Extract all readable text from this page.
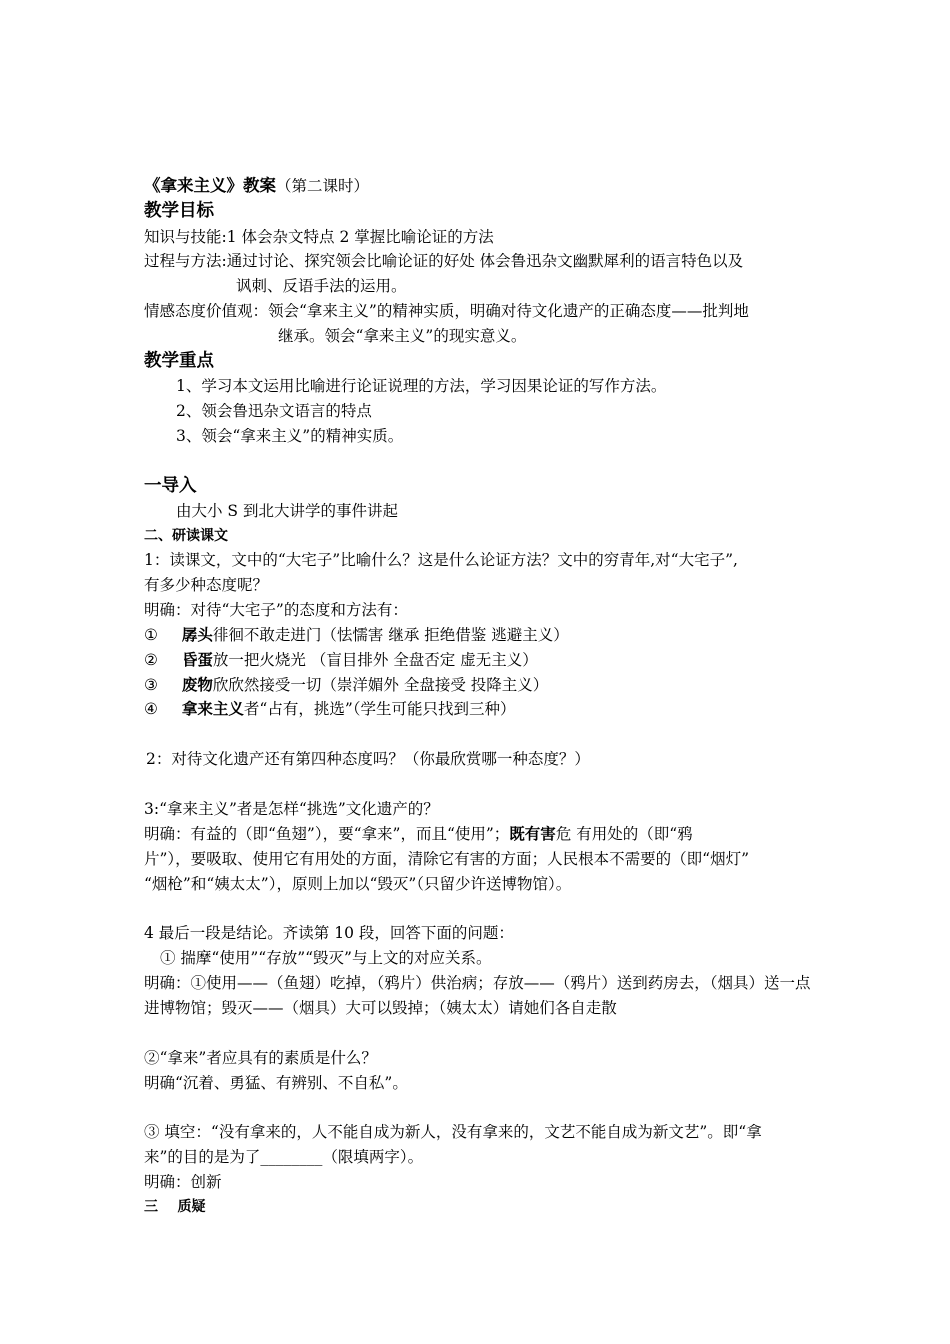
《拿来主义》教案（第二课时）
教学目标
知识与技能:1 体会杂文特点 2 掌握比喻论证的方法
过程与方法:通过讨论、探究领会比喻论证的好处 体会鲁迅杂文幽默犀利的语言特色以及
讽刺、反语手法的运用。
情感态度价值观：领会“拿来主义”的精神实质，明确对待文化遗产的正确态度——批判地
继承。领会“拿来主义”的现实意义。
教学重点
1、学习本文运用比喻进行论证说理的方法，学习因果论证的写作方法。
2、领会鲁迅杂文语言的特点
3、领会“拿来主义”的精神实质。
一导入
由大小 S 到北大讲学的事件讲起
二、研读课文
1：读课文，文中的“大宅子”比喻什么？这是什么论证方法？文中的穷青年,对“大宅子”,
有多少种态度呢？
明确：对待“大宅子”的态度和方法有：
① 孱头徘徊不敢走进门（怯懦害 继承 拒绝借鉴 逃避主义）
② 昏蛋放一把火烧光 （盲目排外 全盘否定 虚无主义）
③ 废物欣欣然接受一切（崇洋媚外 全盘接受 投降主义）
④ 拿来主义者“占有，挑选”（学生可能只找到三种）
2：对待文化遗产还有第四种态度吗？（你最欣赏哪一种态度？）
3:“拿来主义”者是怎样“挑选”文化遗产的？
明确：有益的（即“鱼翅”），要“拿来”，而且“使用”；既有害危 有用处的（即“鸦
片”），要吸取、使用它有用处的方面，清除它有害的方面；人民根本不需要的（即“烟灯”
“烟枪”和“姨太太”），原则上加以“毁灭”（只留少许送博物馆）。
4 最后一段是结论。齐读第 10 段，回答下面的问题：
① 揣摩“使用”“存放”“毁灭”与上文的对应关系。
明确：①使用——（鱼翅）吃掉，（鸦片）供治病；存放——（鸦片）送到药房去，（烟具）送一点
进博物馆；毁灭——（烟具）大可以毁掉；（姨太太）请她们各自走散
②“拿来”者应具有的素质是什么？
明确“沉着、勇猛、有辨别、不自私”。
③ 填空：“没有拿来的，人不能自成为新人，没有拿来的，文艺不能自成为新文艺”。即“拿
来”的目的是为了________（限填两字）。
明确：创新
三    质疑
